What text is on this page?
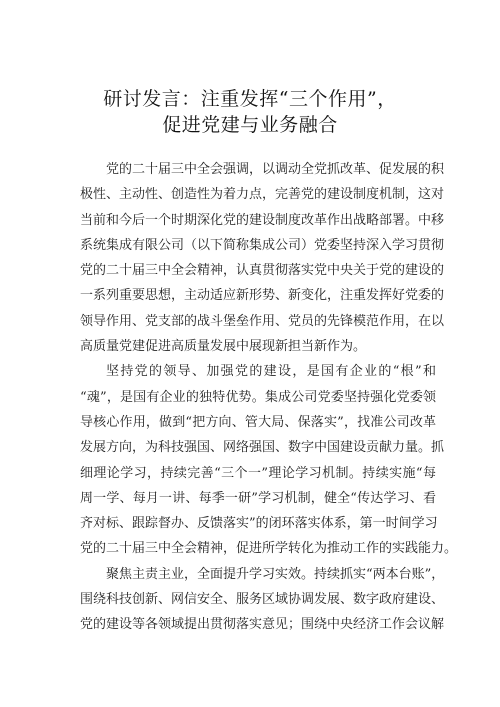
研讨发言：注重发挥“三个作用”，
促进党建与业务融合
党的二十届三中全会强调，以调动全党抓改革、促发展的积
极性、主动性、创造性为着力点，完善党的建设制度机制，这对
当前和今后一个时期深化党的建设制度改革作出战略部署。中移
系统集成有限公司（以下简称集成公司）党委坚持深入学习贯彻
党的二十届三中全会精神，认真贯彻落实党中央关于党的建设的
一系列重要思想，主动适应新形势、新变化，注重发挥好党委的
领导作用、党支部的战斗堡垒作用、党员的先锋模范作用，在以
高质量党建促进高质量发展中展现新担当新作为。
坚持党的领导、加强党的建设，是国有企业的“根”和
“魂”，是国有企业的独特优势。集成公司党委坚持强化党委领
导核心作用，做到“把方向、管大局、保落实”，找准公司改革
发展方向，为科技强国、网络强国、数字中国建设贡献力量。抓
细理论学习，持续完善“三个一”理论学习机制。持续实施“每
周一学、每月一讲、每季一研”学习机制，健全“传达学习、看
齐对标、跟踪督办、反馈落实”的闭环落实体系，第一时间学习
党的二十届三中全会精神，促进所学转化为推动工作的实践能力。
聚焦主责主业，全面提升学习实效。持续抓实“两本台账”，
围绕科技创新、网信安全、服务区域协调发展、数字政府建设、
党的建设等各领域提出贯彻落实意见；围绕中央经济工作会议解
